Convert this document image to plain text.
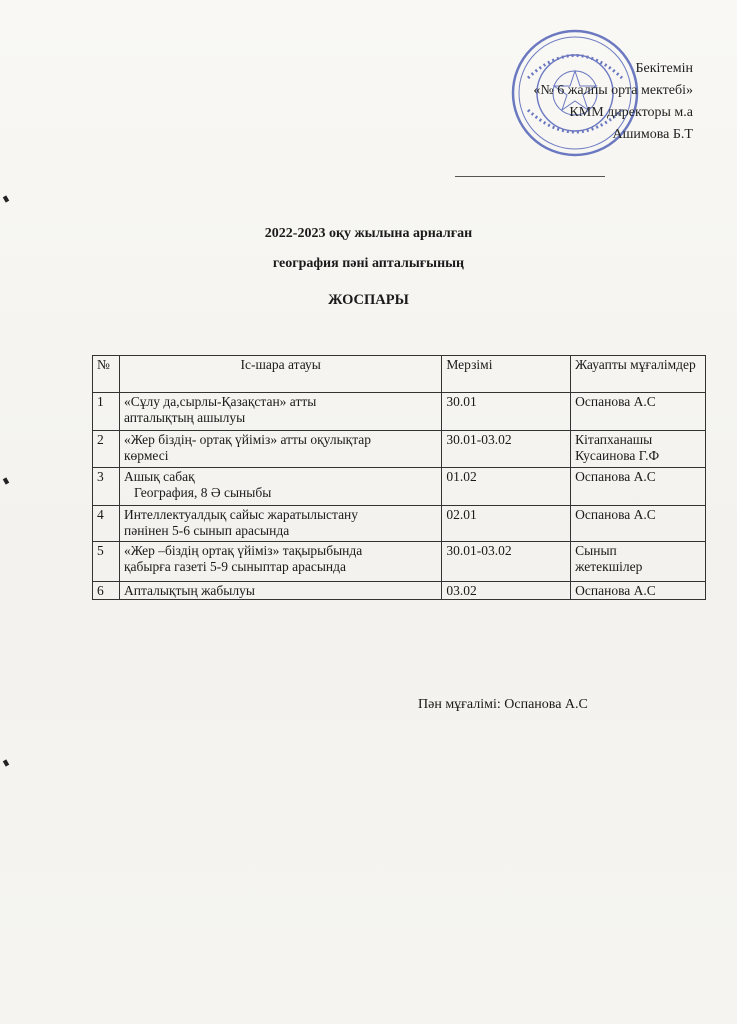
Бекітемін
«№ 6 жалпы орта мектебі»
КММ директоры м.а
Ашимова Б.Т
2022-2023 оқу жылына арналған
география пәні апталығының
ЖОСПАРЫ
№	Іс-шара атауы	Мерзімі	Жауапты мұғалімдер
1	«Сұлу да,сырлы-Қазақстан» атты
апталықтың ашылуы	30.01	Оспанова А.С

2	«Жер біздің- ортақ үйіміз» атты оқулықтар
көрмесі	30.01-03.02	Кітапханашы
Кусаинова Г.Ф

3	Ашық сабақ
География, 8 Ә сыныбы	01.02	Оспанова А.С

4	Интеллектуалдық сайыс жаратылыстану
пәнінен 5-6 сынып арасында	02.01	Оспанова А.С

5	«Жер –біздің ортақ үйіміз» тақырыбында
қабырға газеті 5-9 сыныптар арасында	30.01-03.02	Сынып
жетекшілер

6	Апталықтың жабылуы	03.02	Оспанова А.С
Пән мұғалімі: Оспанова А.С
